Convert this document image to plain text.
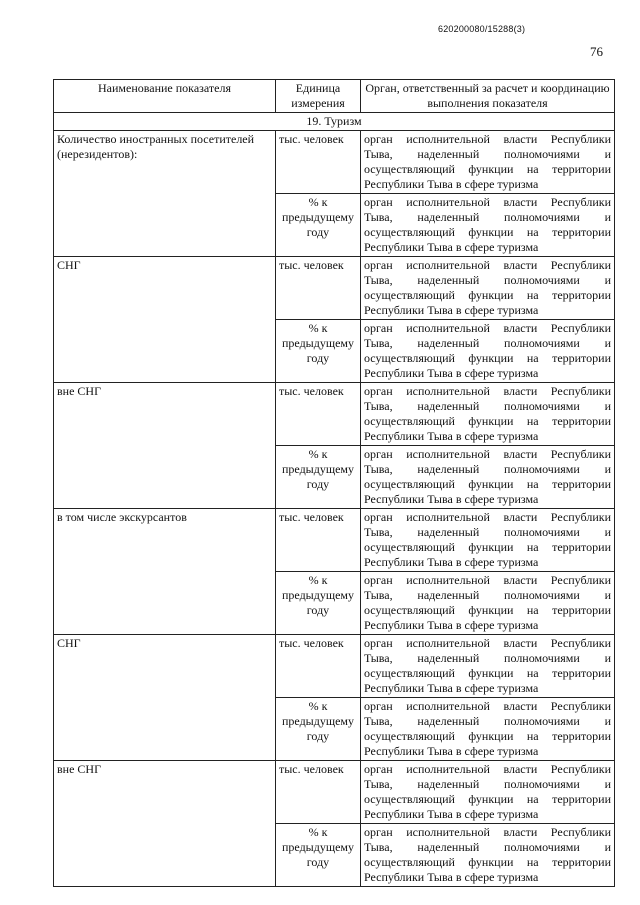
620200080/15288(3)
76
Наименование показателя	Единица измерения	Орган, ответственный за расчет и координацию выполнения показателя
19. Туризм		
Количество иностранных посетителей (нерезидентов):	тыс. человек	орган исполнительной власти Республики Тыва, наделенный полномочиями и осуществляющий функции на территории Республики Тыва в сфере туризма
	% к предыдущему году	орган исполнительной власти Республики Тыва, наделенный полномочиями и осуществляющий функции на территории Республики Тыва в сфере туризма
СНГ	тыс. человек	орган исполнительной власти Республики Тыва, наделенный полномочиями и осуществляющий функции на территории Республики Тыва в сфере туризма
	% к предыдущему году	орган исполнительной власти Республики Тыва, наделенный полномочиями и осуществляющий функции на территории Республики Тыва в сфере туризма
вне СНГ	тыс. человек	орган исполнительной власти Республики Тыва, наделенный полномочиями и осуществляющий функции на территории Республики Тыва в сфере туризма
	% к предыдущему году	орган исполнительной власти Республики Тыва, наделенный полномочиями и осуществляющий функции на территории Республики Тыва в сфере туризма
в том числе экскурсантов	тыс. человек	орган исполнительной власти Республики Тыва, наделенный полномочиями и осуществляющий функции на территории Республики Тыва в сфере туризма
	% к предыдущему году	орган исполнительной власти Республики Тыва, наделенный полномочиями и осуществляющий функции на территории Республики Тыва в сфере туризма
СНГ	тыс. человек	орган исполнительной власти Республики Тыва, наделенный полномочиями и осуществляющий функции на территории Республики Тыва в сфере туризма
	% к предыдущему году	орган исполнительной власти Республики Тыва, наделенный полномочиями и осуществляющий функции на территории Республики Тыва в сфере туризма
вне СНГ	тыс. человек	орган исполнительной власти Республики Тыва, наделенный полномочиями и осуществляющий функции на территории Республики Тыва в сфере туризма
	% к предыдущему году	орган исполнительной власти Республики Тыва, наделенный полномочиями и осуществляющий функции на территории Республики Тыва в сфере туризма
